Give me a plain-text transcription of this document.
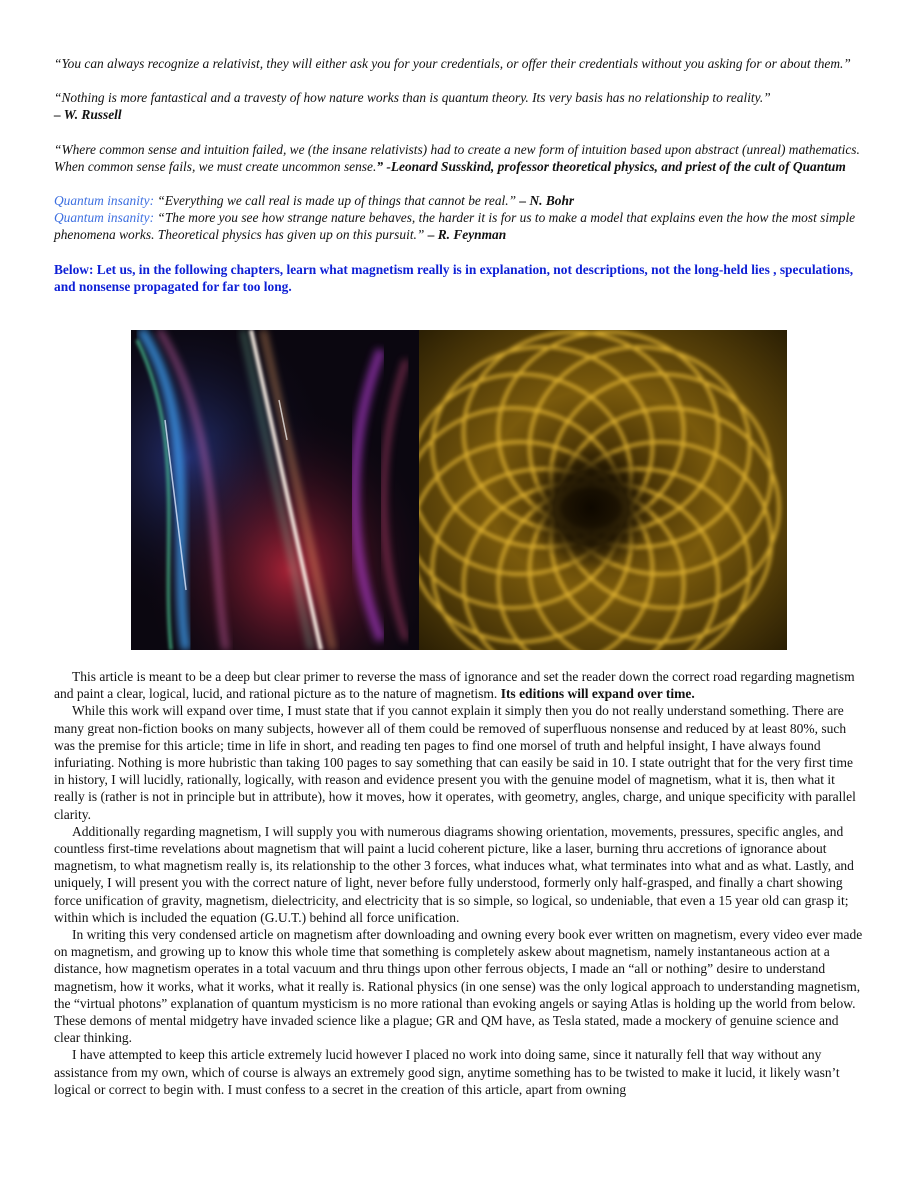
“You can always recognize a relativist, they will either ask you for your credentials, or offer their credentials without you asking for or about them.”

“Nothing is more fantastical and a travesty of how nature works than is quantum theory. Its very basis has no relationship to reality.”
– W. Russell

“Where common sense and intuition failed, we (the insane relativists) had to create a new form of intuition based upon abstract (unreal) mathematics. When common sense fails, we must create uncommon sense.” -Leonard Susskind, professor theoretical physics, and priest of the cult of Quantum

Quantum insanity: “Everything we call real is made up of things that cannot be real.” – N. Bohr
Quantum insanity: “The more you see how strange nature behaves, the harder it is for us to make a model that explains even the how the most simple phenomena works. Theoretical physics has given up on this pursuit.” – R. Feynman

Below: Let us, in the following chapters, learn what magnetism really is in explanation, not descriptions, not the long-held lies , speculations, and nonsense propagated for far too long.

This article is meant to be a deep but clear primer to reverse the mass of ignorance and set the reader down the correct road regarding magnetism and paint a clear, logical, lucid, and rational picture as to the nature of magnetism. Its editions will expand over time.

While this work will expand over time, I must state that if you cannot explain it simply then you do not really understand something. There are many great non-fiction books on many subjects, however all of them could be removed of superfluous nonsense and reduced by at least 80%, such was the premise for this article; time in life in short, and reading ten pages to find one morsel of truth and helpful insight, I have always found infuriating. Nothing is more hubristic than taking 100 pages to say something that can easily be said in 10. I state outright that for the very first time in history, I will lucidly, rationally, logically, with reason and evidence present you with the genuine model of magnetism, what it is, then what it really is (rather is not in principle but in attribute), how it moves, how it operates, with geometry, angles, charge, and unique specificity with parallel clarity.

Additionally regarding magnetism, I will supply you with numerous diagrams showing orientation, movements, pressures, specific angles, and countless first-time revelations about magnetism that will paint a lucid coherent picture, like a laser, burning thru accretions of ignorance about magnetism, to what magnetism really is, its relationship to the other 3 forces, what induces what, what terminates into what and as what. Lastly, and uniquely, I will present you with the correct nature of light, never before fully understood, formerly only half-grasped, and finally a chart showing force unification of gravity, magnetism, dielectricity, and electricity that is so simple, so logical, so undeniable, that even a 15 year old can grasp it; within which is included the equation (G.U.T.) behind all force unification.

In writing this very condensed article on magnetism after downloading and owning every book ever written on magnetism, every video ever made on magnetism, and growing up to know this whole time that something is completely askew about magnetism, namely instantaneous action at a distance, how magnetism operates in a total vacuum and thru things upon other ferrous objects, I made an “all or nothing” desire to understand magnetism, how it works, what it works, what it really is. Rational physics (in one sense) was the only logical approach to understanding magnetism, the “virtual photons” explanation of quantum mysticism is no more rational than evoking angels or saying Atlas is holding up the world from below. These demons of mental midgetry have invaded science like a plague; GR and QM have, as Tesla stated, made a mockery of genuine science and clear thinking.

I have attempted to keep this article extremely lucid however I placed no work into doing same, since it naturally fell that way without any assistance from my own, which of course is always an extremely good sign, anytime something has to be twisted to make it lucid, it likely wasn’t logical or correct to begin with. I must confess to a secret in the creation of this article, apart from owning
